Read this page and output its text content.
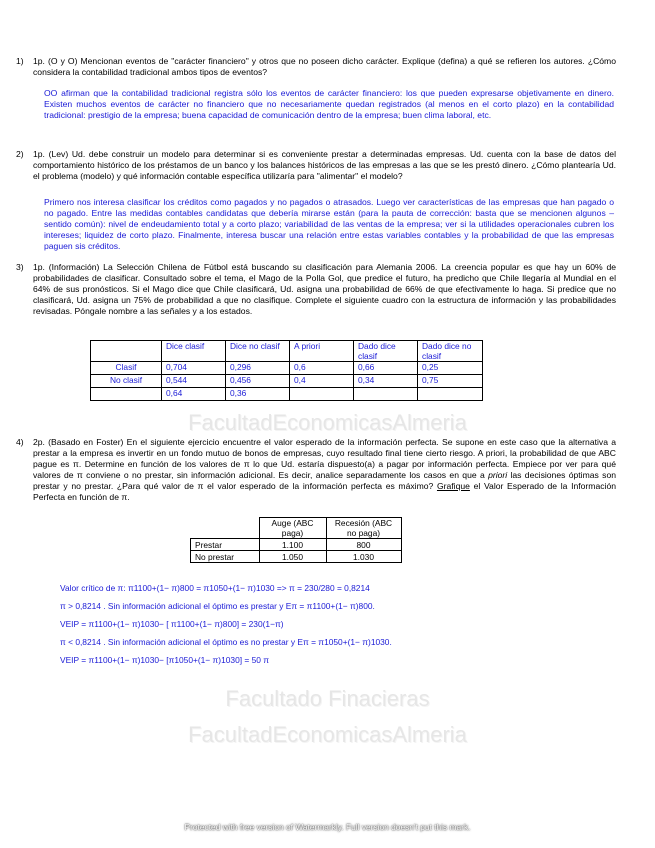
1) 1p. (O y O) Mencionan eventos de "carácter financiero" y otros que no poseen dicho carácter. Explique (defina) a qué se refieren los autores. ¿Cómo considera la contabilidad tradicional ambos tipos de eventos?
OO afirman que la contabilidad tradicional registra sólo los eventos de carácter financiero: los que pueden expresarse objetivamente en dinero. Existen muchos eventos de carácter no financiero que no necesariamente quedan registrados (al menos en el corto plazo) en la contabilidad tradicional: prestigio de la empresa; buena capacidad de comunicación dentro de la empresa; buen clima laboral, etc.
2) 1p. (Lev) Ud. debe construir un modelo para determinar si es conveniente prestar a determinadas empresas. Ud. cuenta con la base de datos del comportamiento histórico de los préstamos de un banco y los balances históricos de las empresas a las que se les prestó dinero. ¿Cómo plantearía Ud. el problema (modelo) y qué información contable específica utilizaría para "alimentar" el modelo?
Primero nos interesa clasificar los créditos como pagados y no pagados o atrasados. Luego ver características de las empresas que han pagado o no pagado. Entre las medidas contables candidatas que debería mirarse están (para la pauta de corrección: basta que se mencionen algunos – sentido común): nivel de endeudamiento total y a corto plazo; variabilidad de las ventas de la empresa; ver si la utilidades operacionales cubren los intereses; liquidez de corto plazo. Finalmente, interesa buscar una relación entre estas variables contables y la probabilidad de que las empresas paguen sis créditos.
3) 1p. (Información) La Selección Chilena de Fútbol está buscando su clasificación para Alemania 2006. La creencia popular es que hay un 60% de probabilidades de clasificar. Consultado sobre el tema, el Mago de la Polla Gol, que predice el futuro, ha predicho que Chile llegaría al Mundial en el 64% de sus pronósticos. Si el Mago dice que Chile clasificará, Ud. asigna una probabilidad de 66% de que efectivamente lo haga. Si predice que no clasificará, Ud. asigna un 75% de probabilidad a que no clasifique. Complete el siguiente cuadro con la estructura de información y las probabilidades revisadas. Póngale nombre a las señales y a los estados.
	Dice clasif	Dice no clasif	A priori	Dado dice clasif	Dado dice no clasif
Clasif	0,704	0,296	0,6	0,66	0,25
No clasif	0,544	0,456	0,4	0,34	0,75
	0,64	0,36			
FacultadEconomicasAlmeria
4) 2p. (Basado en Foster) En el siguiente ejercicio encuentre el valor esperado de la información perfecta. Se supone en este caso que la alternativa a prestar a la empresa es invertir en un fondo mutuo de bonos de empresas, cuyo resultado final tiene cierto riesgo. A priori, la probabilidad de que ABC pague es π. Determine en función de los valores de π lo que Ud. estaría dispuesto(a) a pagar por información perfecta. Empiece por ver para qué valores de π conviene o no prestar, sin información adicional. Es decir, analice separadamente los casos en que a priori las decisiones óptimas son prestar y no prestar. ¿Para qué valor de π el valor esperado de la información perfecta es máximo? Grafique el Valor Esperado de la Información Perfecta en función de π.
	Auge (ABC paga)	Recesión (ABC no paga)
Prestar	1.100	800
No prestar	1.050	1.030
Valor crítico de π: π1100+(1− π)800 = π1050+(1− π)1030 => π = 230/280 = 0,8214
π > 0,8214 . Sin información adicional el óptimo es prestar y Eπ = π1100+(1− π)800.
VEIP = π1100+(1− π)1030− [ π1100+(1− π)800] = 230(1−π)
π < 0,8214 . Sin información adicional el óptimo es no prestar y Eπ = π1050+(1− π)1030.
VEIP = π1100+(1− π)1030− [π1050+(1− π)1030] = 50 π
Facultado Finacieras
FacultadEconomicasAlmeria
Protected with free version of Watermarkly. Full version doesn't put this mark.
